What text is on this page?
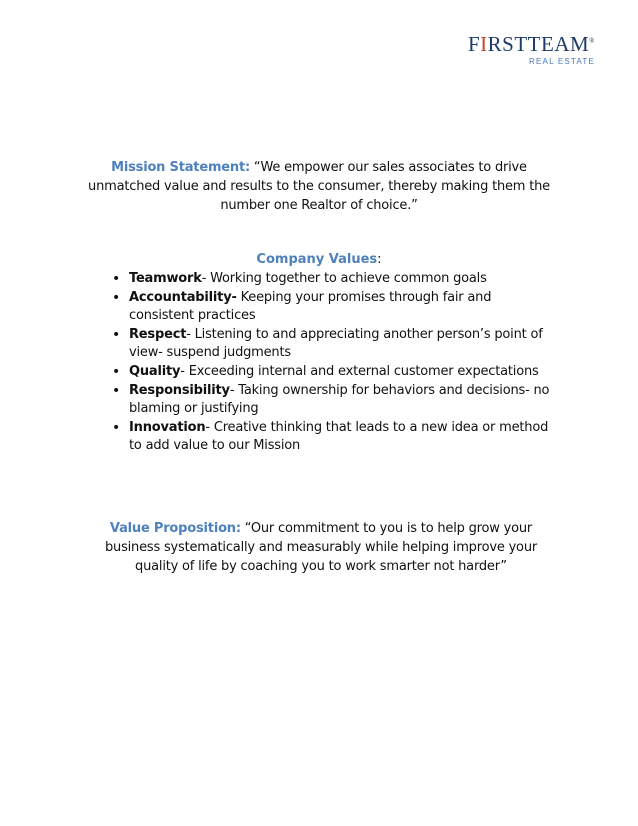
FIRSTTEAM®
REAL ESTATE
Mission Statement: “We empower our sales associates to drive unmatched value and results to the consumer, thereby making them the number one Realtor of choice.”
Company Values:
• Teamwork- Working together to achieve common goals
• Accountability- Keeping your promises through fair and consistent practices
• Respect- Listening to and appreciating another person’s point of view- suspend judgments
• Quality- Exceeding internal and external customer expectations
• Responsibility- Taking ownership for behaviors and decisions- no blaming or justifying
• Innovation- Creative thinking that leads to a new idea or method to add value to our Mission
Value Proposition: “Our commitment to you is to help grow your business systematically and measurably while helping improve your quality of life by coaching you to work smarter not harder”
